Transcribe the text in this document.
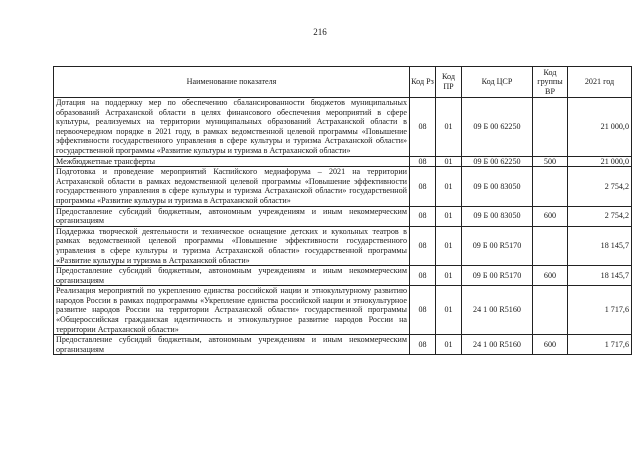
216
Наименование показателя	Код Рз	Код ПР	Код ЦСР	Код группы ВР	2021 год
Дотация на поддержку мер по обеспечению сбалансированности бюджетов муниципальных образований Астраханской области в целях финансового обеспечения мероприятий в сфере культуры, реализуемых на территории муниципальных образований Астраханской области в первоочередном порядке в 2021 году, в рамках ведомственной целевой программы «Повышение эффективности государственного управления в сфере культуры и туризма Астраханской области» государственной программы «Развитие культуры и туризма в Астраханской области»	08	01	09 Б 00 62250		21 000,0
Межбюджетные трансферты	08	01	09 Б 00 62250	500	21 000,0
Подготовка и проведение мероприятий Каспийского медиафорума – 2021 на территории Астраханской области в рамках ведомственной целевой программы «Повышение эффективности государственного управления в сфере культуры и туризма Астраханской области» государственной программы «Развитие культуры и туризма в Астраханской области»	08	01	09 Б 00 83050		2 754,2
Предоставление субсидий бюджетным, автономным учреждениям и иным некоммерческим организациям	08	01	09 Б 00 83050	600	2 754,2
Поддержка творческой деятельности и техническое оснащение детских и кукольных театров в рамках ведомственной целевой программы «Повышение эффективности государственного управления в сфере культуры и туризма Астраханской области» государственной программы «Развитие культуры и туризма в Астраханской области»	08	01	09 Б 00 R5170		18 145,7
Предоставление субсидий бюджетным, автономным учреждениям и иным некоммерческим организациям	08	01	09 Б 00 R5170	600	18 145,7
Реализация мероприятий по укреплению единства российской нации и этнокультурному развитию народов России в рамках подпрограммы «Укрепление единства российской нации и этнокультурное развитие народов России на территории Астраханской области» государственной программы «Общероссийская гражданская идентичность и этнокультурное развитие народов России на территории Астраханской области»	08	01	24 1 00 R5160		1 717,6
Предоставление субсидий бюджетным, автономным учреждениям и иным некоммерческим организациям	08	01	24 1 00 R5160	600	1 717,6
